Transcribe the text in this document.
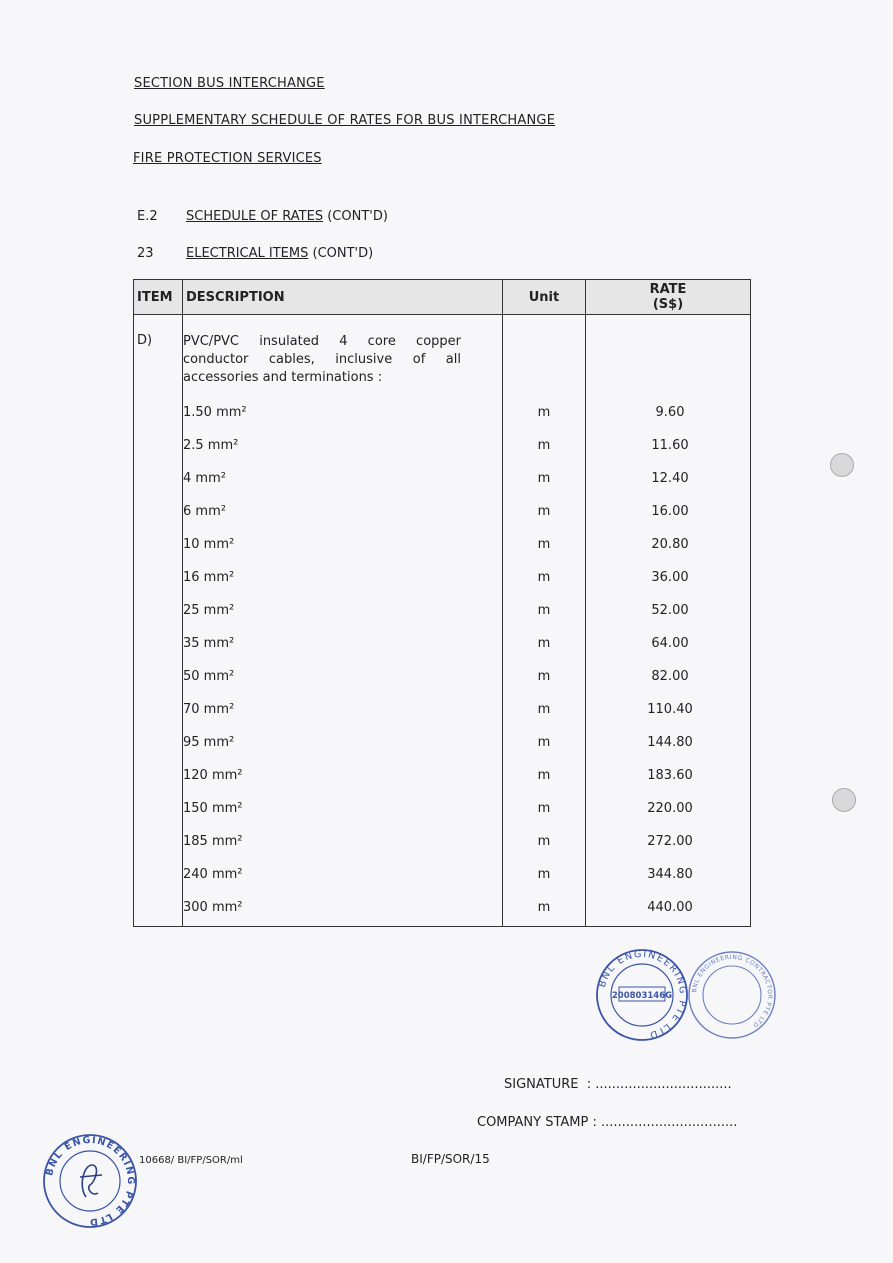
SECTION BUS INTERCHANGE
SUPPLEMENTARY SCHEDULE OF RATES FOR BUS INTERCHANGE
FIRE PROTECTION SERVICES
E.2 SCHEDULE OF RATES (CONT'D)
23 ELECTRICAL ITEMS (CONT'D)
ITEM	DESCRIPTION	Unit	RATE
(S$)

D)	PVC/PVC insulated 4 core copper conductor cables, inclusive of all accessories and terminations :		

	1.50 mm²	m	9.60
	2.5 mm²	m	11.60
	4 mm²	m	12.40
	6 mm²	m	16.00
	10 mm²	m	20.80
	16 mm²	m	36.00
	25 mm²	m	52.00
	35 mm²	m	64.00
	50 mm²	m	82.00
	70 mm²	m	110.40
	95 mm²	m	144.80
	120 mm²	m	183.60
	150 mm²	m	220.00
	185 mm²	m	272.00
	240 mm²	m	344.80
	300 mm²	m	440.00
BNL ENGINEERING PTE LTD
200803146G
BNL ENGINEERING CONTRACTOR PTE LTD
SIGNATURE  : .................................
COMPANY STAMP : .................................
BNL ENGINEERING PTE LTD
10668/ BI/FP/SOR/ml	BI/FP/SOR/15
